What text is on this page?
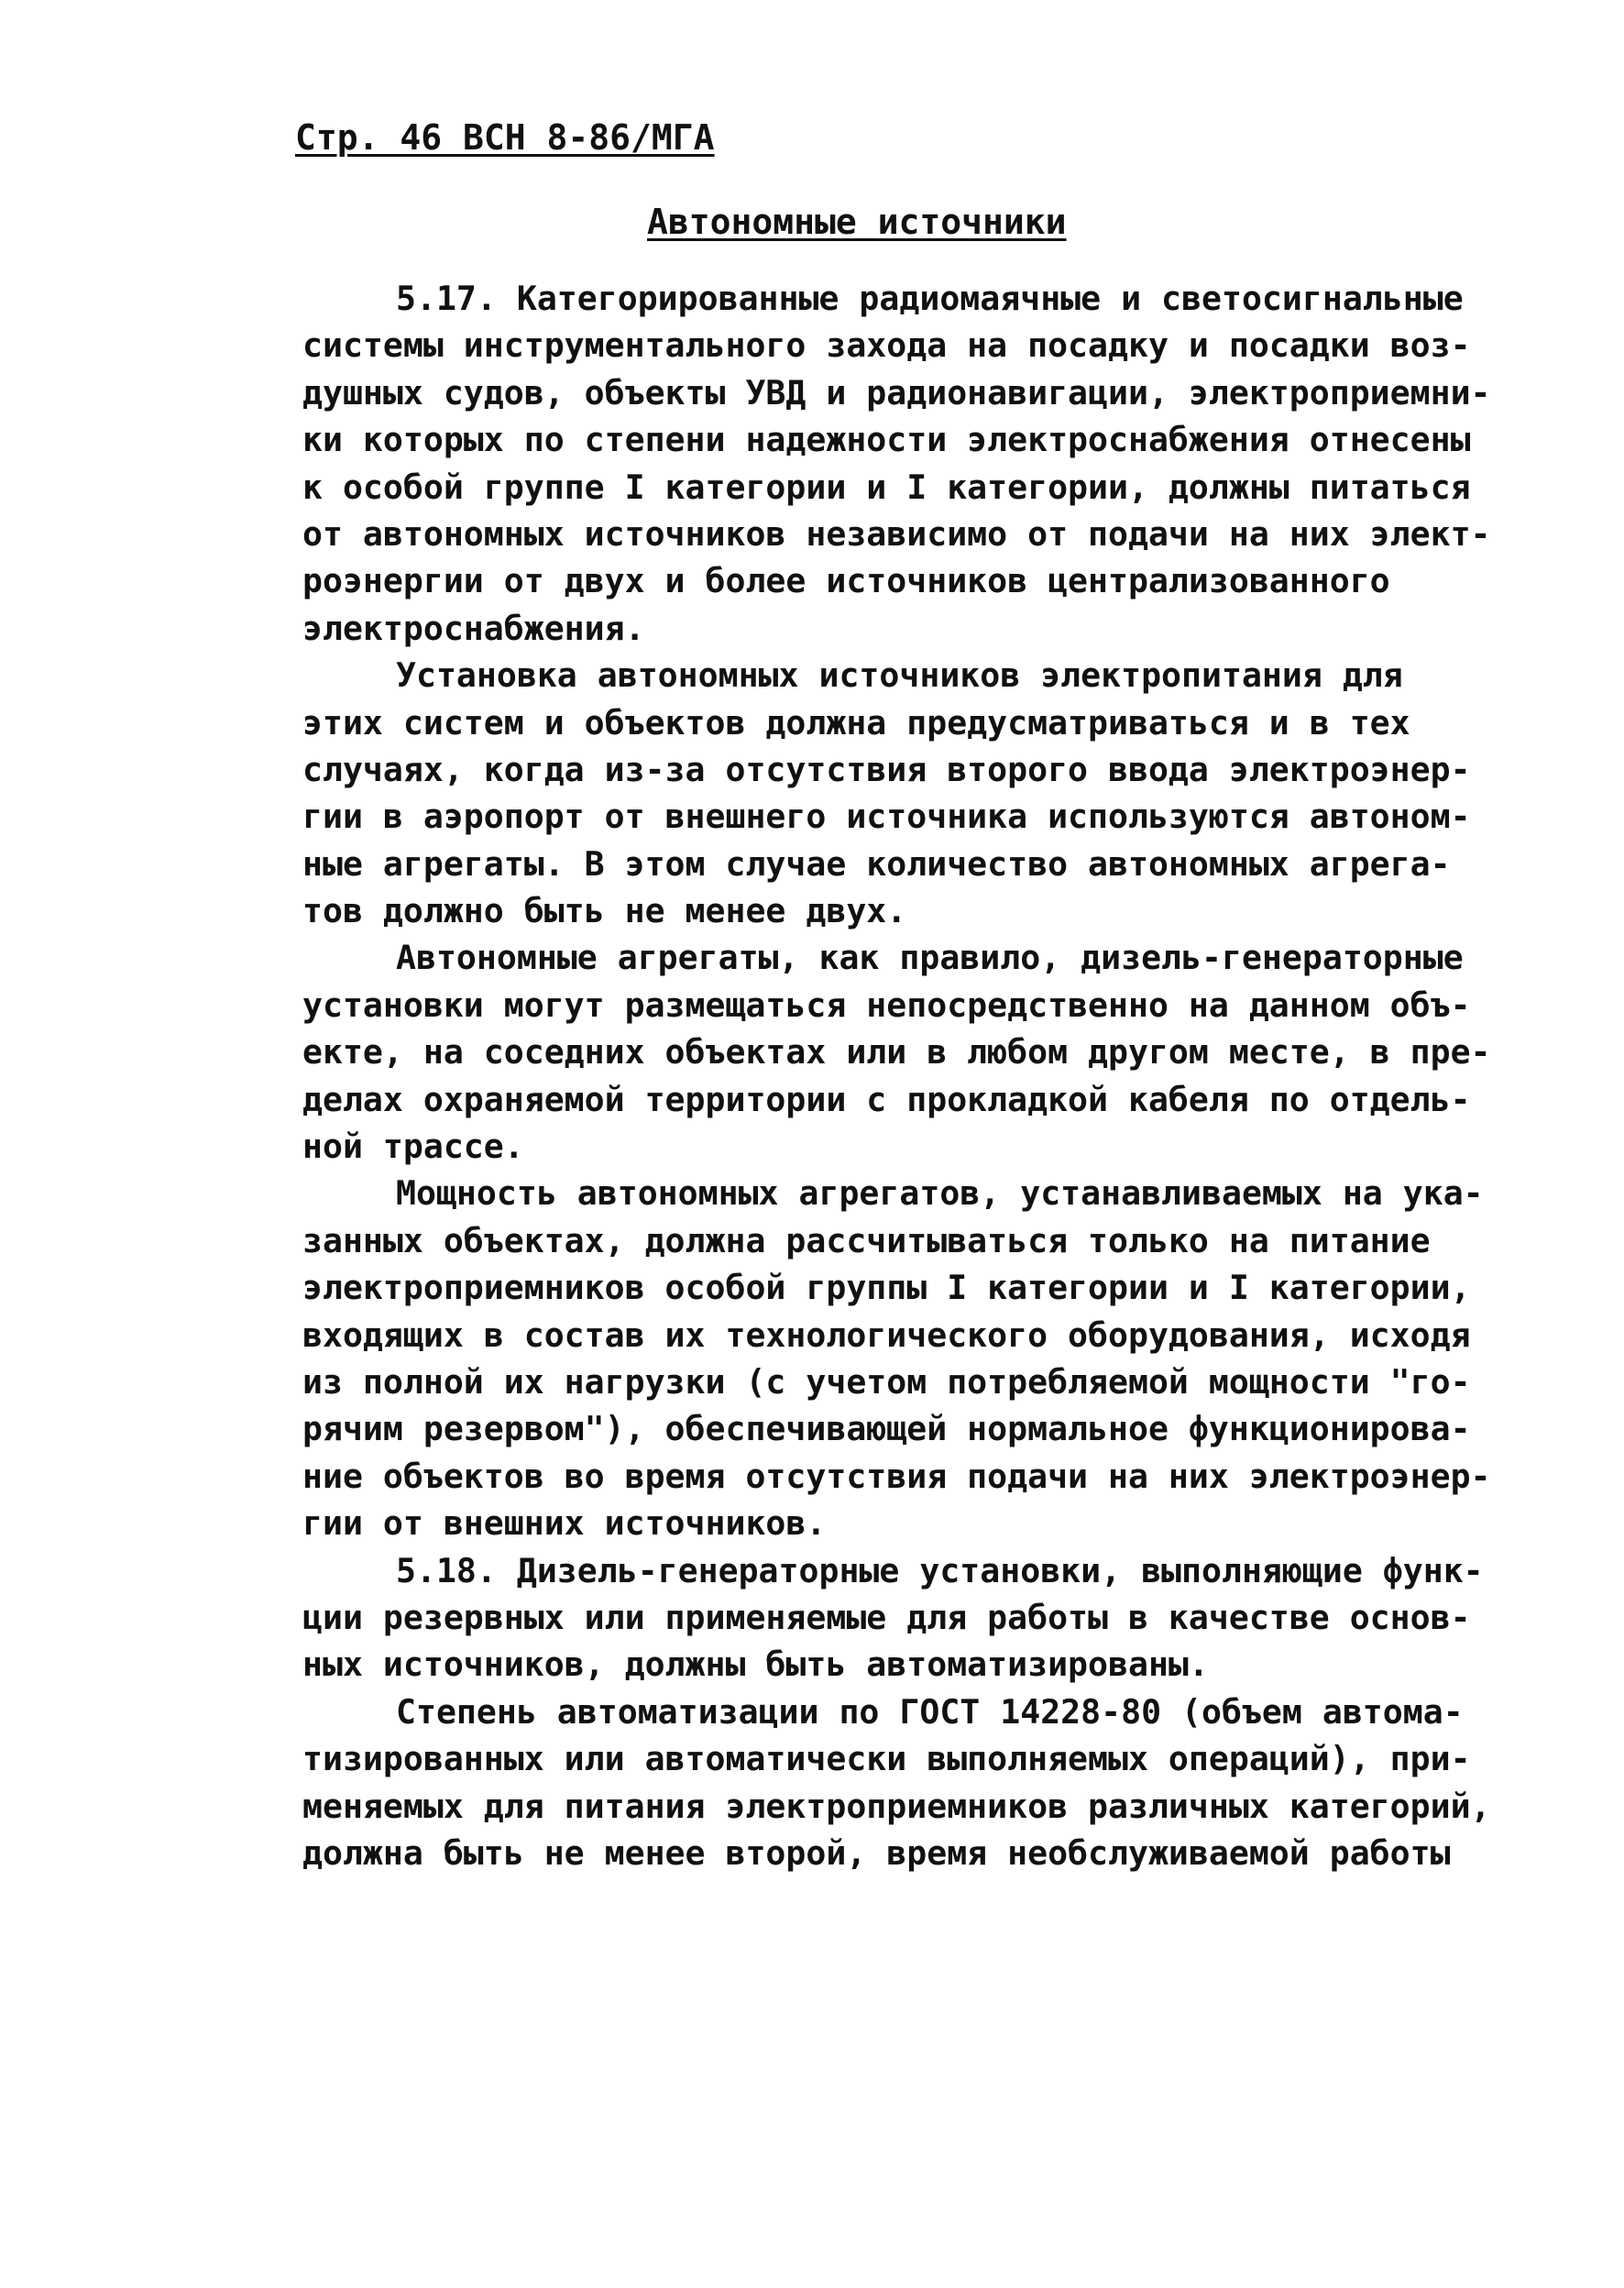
Стр. 46 ВСН 8-86/МГА
Автономные источники
5.17. Категорированные радиомаячные и светосигнальные
системы инструментального захода на посадку и посадки воз-
душных судов, объекты УВД и радионавигации, электроприемни-
ки которых по степени надежности электроснабжения отнесены
к особой группе I категории и I категории, должны питаться
от автономных источников независимо от подачи на них элект-
роэнергии от двух и более источников централизованного
электроснабжения.
Установка автономных источников электропитания для
этих систем и объектов должна предусматриваться и в тех
случаях, когда из-за отсутствия второго ввода электроэнер-
гии в аэропорт от внешнего источника используются автоном-
ные агрегаты. В этом случае количество автономных агрега-
тов должно быть не менее двух.
Автономные агрегаты, как правило, дизель-генераторные
установки могут размещаться непосредственно на данном объ-
екте, на соседних объектах или в любом другом месте, в пре-
делах охраняемой территории с прокладкой кабеля по отдель-
ной трассе.
Мощность автономных агрегатов, устанавливаемых на ука-
занных объектах, должна рассчитываться только на питание
электроприемников особой группы I категории и I категории,
входящих в состав их технологического оборудования, исходя
из полной их нагрузки (с учетом потребляемой мощности "го-
рячим резервом"), обеспечивающей нормальное функционирова-
ние объектов во время отсутствия подачи на них электроэнер-
гии от внешних источников.
5.18. Дизель-генераторные установки, выполняющие функ-
ции резервных или применяемые для работы в качестве основ-
ных источников, должны быть автоматизированы.
Степень автоматизации по ГОСТ 14228-80 (объем автома-
тизированных или автоматически выполняемых операций), при-
меняемых для питания электроприемников различных категорий,
должна быть не менее второй, время необслуживаемой работы
